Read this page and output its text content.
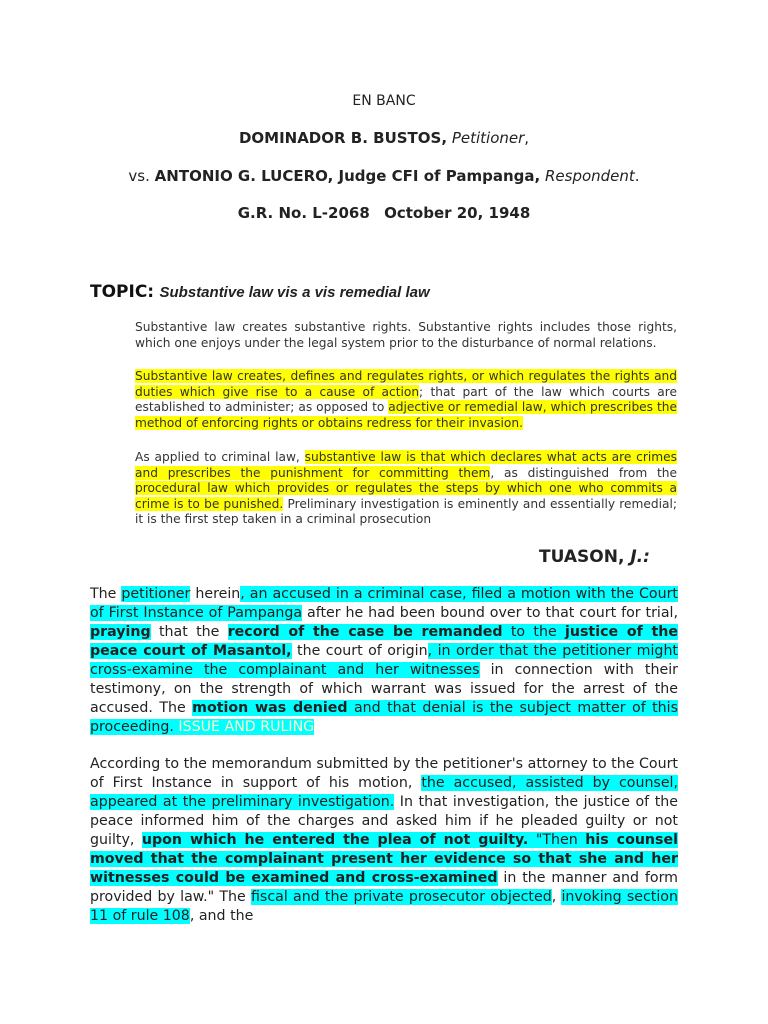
EN BANC
DOMINADOR B. BUSTOS, Petitioner,
vs. ANTONIO G. LUCERO, Judge CFI of Pampanga, Respondent.
G.R. No. L-2068 October 20, 1948
TOPIC: Substantive law vis a vis remedial law
Substantive law creates substantive rights. Substantive rights includes those rights, which one enjoys under the legal system prior to the disturbance of normal relations.
Substantive law creates, defines and regulates rights, or which regulates the rights and duties which give rise to a cause of action; that part of the law which courts are established to administer; as opposed to adjective or remedial law, which prescribes the method of enforcing rights or obtains redress for their invasion.
As applied to criminal law, substantive law is that which declares what acts are crimes and prescribes the punishment for committing them, as distinguished from the procedural law which provides or regulates the steps by which one who commits a crime is to be punished. Preliminary investigation is eminently and essentially remedial; it is the first step taken in a criminal prosecution
TUASON, J.:
The petitioner herein, an accused in a criminal case, filed a motion with the Court of First Instance of Pampanga after he had been bound over to that court for trial, praying that the record of the case be remanded to the justice of the peace court of Masantol, the court of origin, in order that the petitioner might cross-examine the complainant and her witnesses in connection with their testimony, on the strength of which warrant was issued for the arrest of the accused. The motion was denied and that denial is the subject matter of this proceeding. ISSUE AND RULING
According to the memorandum submitted by the petitioner's attorney to the Court of First Instance in support of his motion, the accused, assisted by counsel, appeared at the preliminary investigation. In that investigation, the justice of the peace informed him of the charges and asked him if he pleaded guilty or not guilty, upon which he entered the plea of not guilty. "Then his counsel moved that the complainant present her evidence so that she and her witnesses could be examined and cross-examined in the manner and form provided by law." The fiscal and the private prosecutor objected, invoking section 11 of rule 108, and the
